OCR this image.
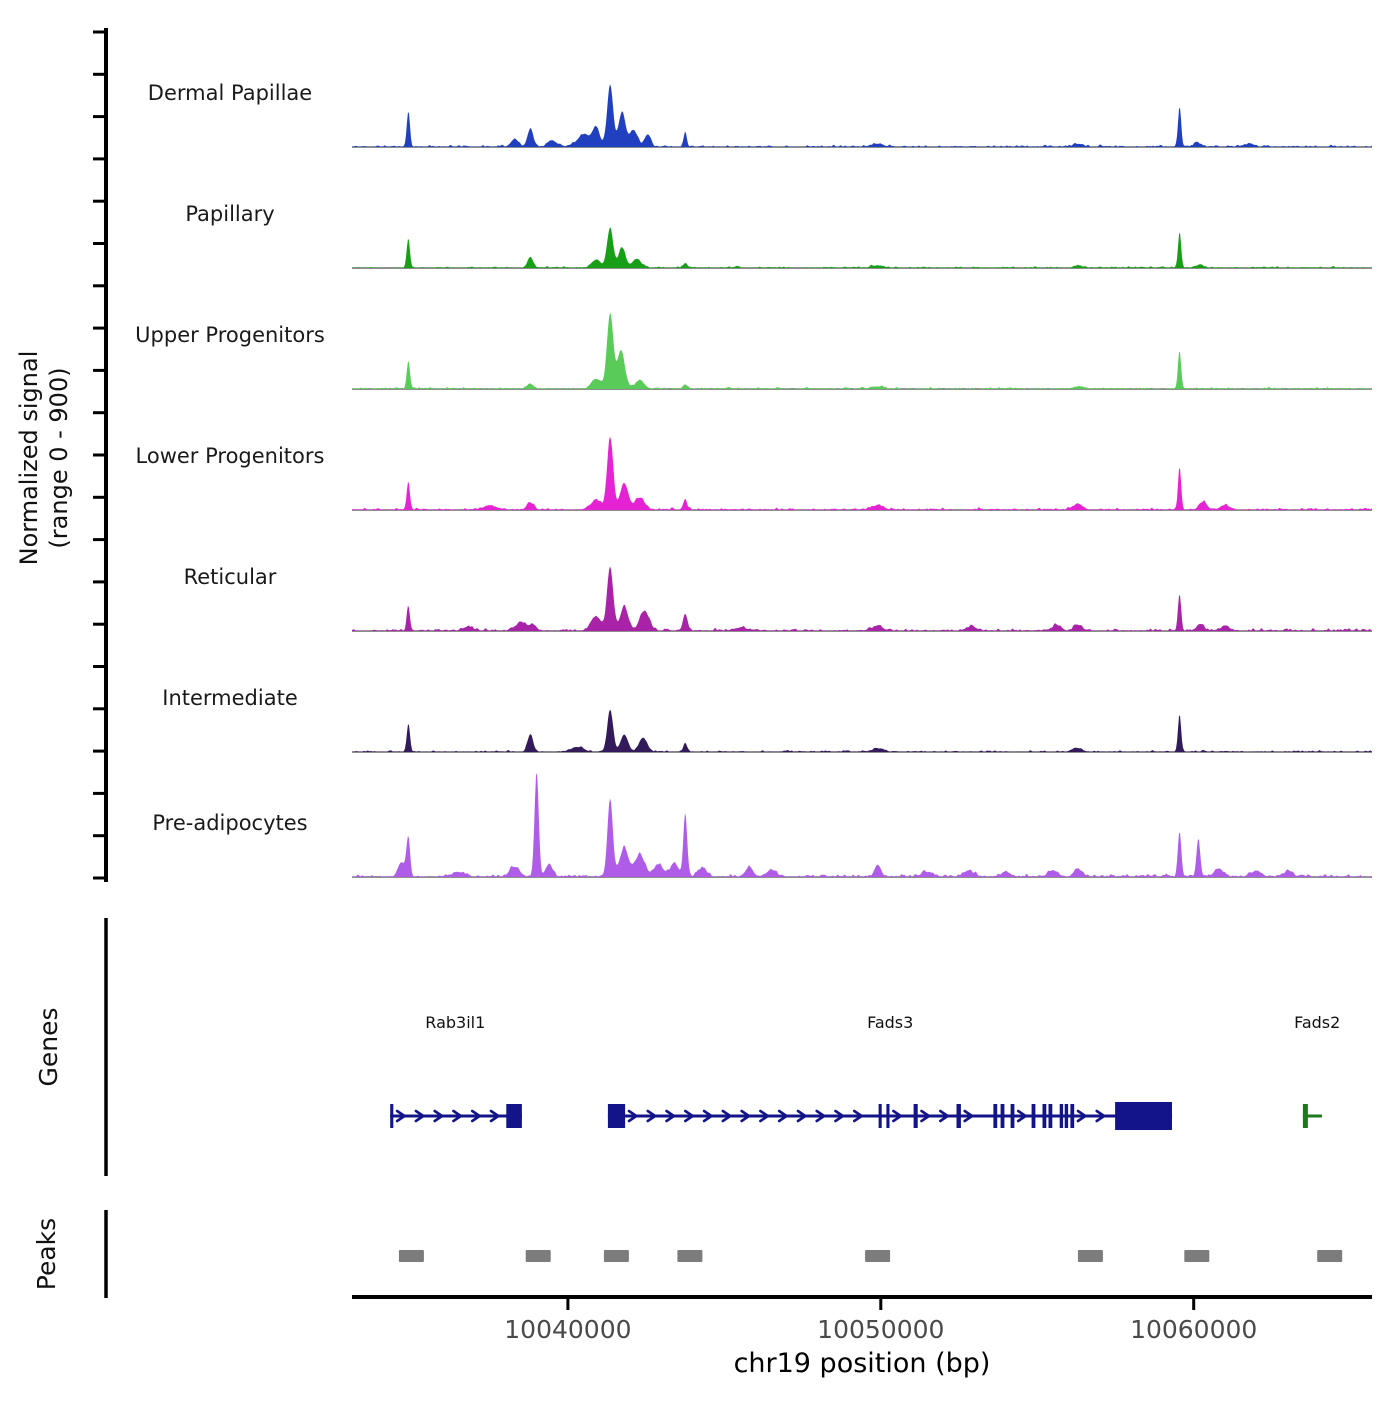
Normalized signal (range 0 - 900)
Dermal Papillae
Papillary
Upper Progenitors
Lower Progenitors
Reticular
Intermediate
Pre-adipocytes
Genes	Rab3il1	Fads3	Fads2
Peaks
10040000	10050000	10060000
chr19 position (bp)
